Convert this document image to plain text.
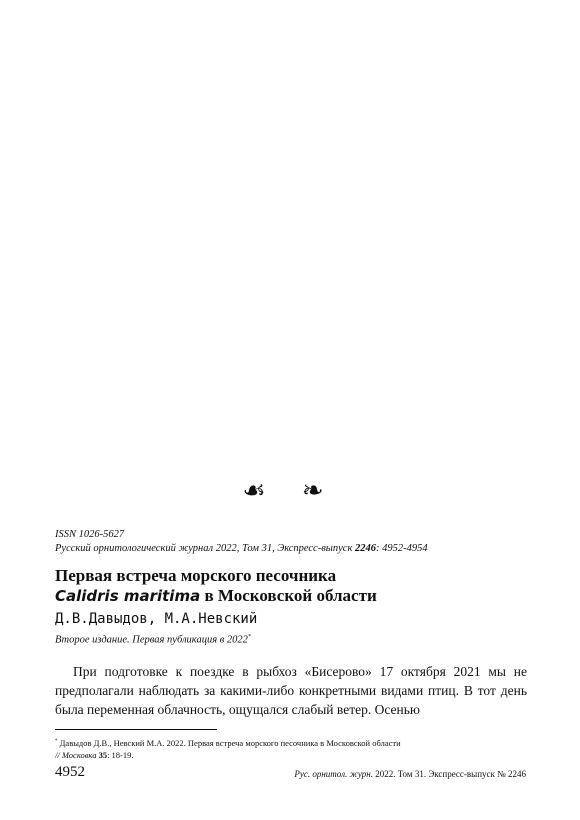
☙ ❧
ISSN 1026-5627
Русский орнитологический журнал 2022, Том 31, Экспресс-выпуск 2246: 4952-4954
Первая встреча морского песочника
Calidris maritima в Московской области
Д.В.Давыдов, М.А.Невский
Второе издание. Первая публикация в 2022*
При подготовке к поездке в рыбхоз «Бисерово» 17 октября 2021 мы не предполагали наблюдать за какими-либо конкретными видами птиц. В тот день была переменная облачность, ощущался слабый ветер. Осенью
* Давыдов Д.В., Невский М.А. 2022. Первая встреча морского песочника в Московской области
// Московка 35: 18-19.
4952	Рус. орнитол. журн. 2022. Том 31. Экспресс-выпуск № 2246
